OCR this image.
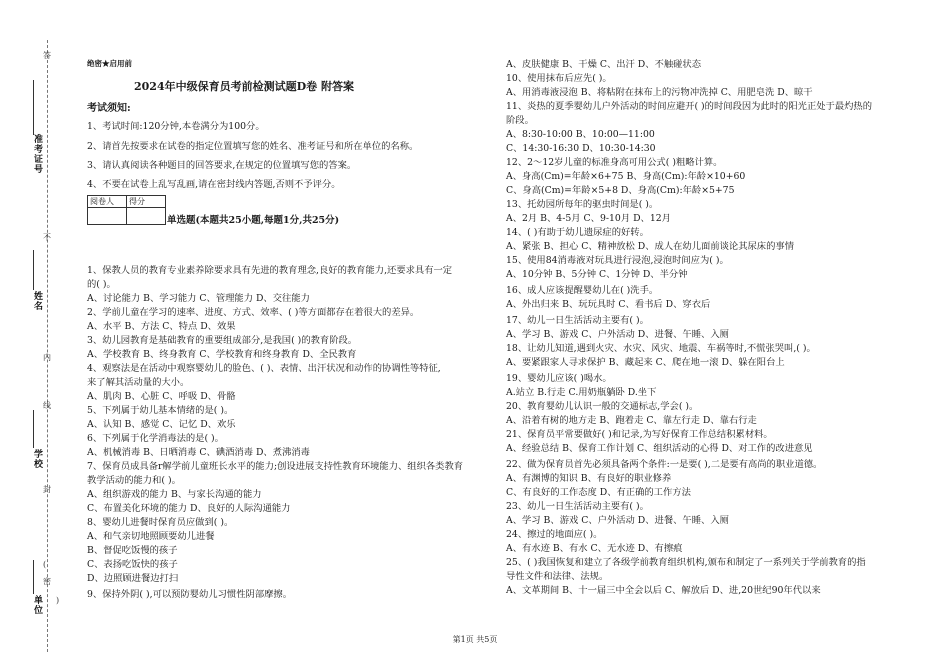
答
准考证号
不
姓名
内
线
学校
封
(
密
单位
)
绝密★启用前
2024年中级保育员考前检测试题D卷 附答案
考试须知:
1、考试时间:120分钟,本卷满分为100分。
2、请首先按要求在试卷的指定位置填写您的姓名、准考证号和所在单位的名称。
3、请认真阅读各种题目的回答要求,在规定的位置填写您的答案。
4、不要在试卷上乱写乱画,请在密封线内答题,否则不予评分。
阅卷人	得分

单选题(本题共25小题,每题1分,共25分)
1、保教人员的教育专业素养除要求具有先进的教育理念,良好的教育能力,还要求具有一定
的( )。
A、讨论能力 B、学习能力 C、管理能力 D、交往能力
2、学前儿童在学习的速率、进度、方式、效率、( )等方面都存在着很大的差异。
A、水平 B、方法 C、特点 D、效果
3、幼儿园教育是基础教育的重要组成部分,是我国( )的教育阶段。
A、学校教育 B、终身教育 C、学校教育和终身教育 D、全民教育
4、观察法是在活动中观察婴幼儿的脸色、( )、表情、出汗状况和动作的协调性等特征,
来了解其活动量的大小。
A、肌肉 B、心脏 C、呼吸 D、骨骼
5、下列属于幼儿基本情绪的是( )。
A、认知 B、感觉 C、记忆 D、欢乐
6、下列属于化学消毒法的是( )。
A、机械消毒 B、日晒消毒 C、碘酒消毒 D、煮沸消毒
7、保育员成具备r解学前儿童班长水平的能力;创设进展支持性教育环境能力、组织各类教育
教学活动的能力和( )。
A、组织游戏的能力 B、与家长沟通的能力
C、布置美化环境的能力 D、良好的人际沟通能力
8、婴幼儿进餐时保育员应做到( )。
A、和气亲切地照顾要幼儿进餐
B、督促吃饭慢的孩子
C、表扬吃饭快的孩子
D、边照顾进餐边打扫
9、保持外阴( ),可以预防婴幼儿习惯性阴部摩擦。
A、皮肤健康 B、干燥 C、出汗 D、不触碰状态
10、使用抹布后应先( )。
A、用消毒液浸泡 B、将粘附在抹布上的污物冲洗掉 C、用肥皂洗 D、晾干
11、炎热的夏季婴幼儿户外活动的时间应避开( )的时间段因为此时的阳光正处于最灼热的
阶段。
A、8:30-10:00 B、10:00—11:00
C、14:30-16:30 D、10:30-14:30
12、2～12岁儿童的标准身高可用公式( )粗略计算。
A、身高(Cm)=年龄×6+75 B、身高(Cm):年龄×10+60
C、身高(Cm)=年龄×5+8 D、身高(Cm):年龄×5+75
13、托幼园所每年的驱虫时间是( )。
A、2月 B、4-5月 C、9-10月 D、12月
14、( )有助于幼儿遗尿症的好转。
A、紧张 B、担心 C、精神放松 D、成人在幼儿面前谈论其尿床的事情
15、使用84消毒液对玩具进行浸泡,浸泡时间应为( )。
A、10分钟 B、5分钟 C、1分钟 D、半分钟
16、成人应该提醒婴幼儿在( )洗手。
A、外出归来 B、玩玩具时 C、看书后 D、穿衣后
17、幼儿一日生活活动主要有( )。
A、学习 B、游戏 C、户外活动 D、进餐、午睡、入厕
18、让幼儿知道,遇到火灾、水灾、风灾、地震、车祸等时,不慌张哭叫,( )。
A、要紧跟家人寻求保护 B、藏起来 C、爬在地一滚 D、躲在阳台上
19、婴幼儿应该( )喝水。
A.站立 B.行走 C.用奶瓶躺卧 D.坐下
20、教育婴幼儿认识一般的交通标志,学会( )。
A、沿着有树的地方走 B、跑着走 C、靠左行走 D、靠右行走
21、保育员平常要做好( )和记录,为写好保育工作总结积累材料。
A、经验总结 B、保育工作计划 C、组织活动的心得 D、对工作的改进意见
22、做为保育员首先必须具备两个条件:一是要( ),二是要有高尚的职业道德。
A、有渊博的知识 B、有良好的职业修养
C、有良好的工作态度 D、有正确的工作方法
23、幼儿一日生活活动主要有( )。
A、学习 B、游戏 C、户外活动 D、进餐、午睡、入厕
24、擦过的地面应( )。
A、有水迹 B、有水 C、无水迹 D、有擦痕
25、( )我国恢复和建立了各级学前教育组织机构,颁布和制定了一系列关于学前教育的指
导性文件和法律、法规。
A、文革期间 B、十一届三中全会以后 C、解放后 D、进,20世纪90年代以来
第1页 共5页
